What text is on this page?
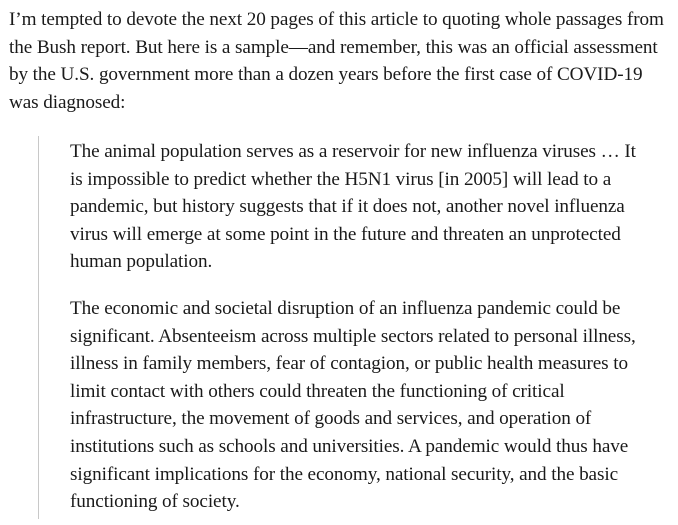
I’m tempted to devote the next 20 pages of this article to quoting whole passages from the Bush report. But here is a sample—and remember, this was an official assessment by the U.S. government more than a dozen years before the first case of COVID-19 was diagnosed:

The animal population serves as a reservoir for new influenza viruses … It is impossible to predict whether the H5N1 virus [in 2005] will lead to a pandemic, but history suggests that if it does not, another novel influenza virus will emerge at some point in the future and threaten an unprotected human population.

The economic and societal disruption of an influenza pandemic could be significant. Absenteeism across multiple sectors related to personal illness, illness in family members, fear of contagion, or public health measures to limit contact with others could threaten the functioning of critical infrastructure, the movement of goods and services, and operation of institutions such as schools and universities. A pandemic would thus have significant implications for the economy, national security, and the basic functioning of society.
